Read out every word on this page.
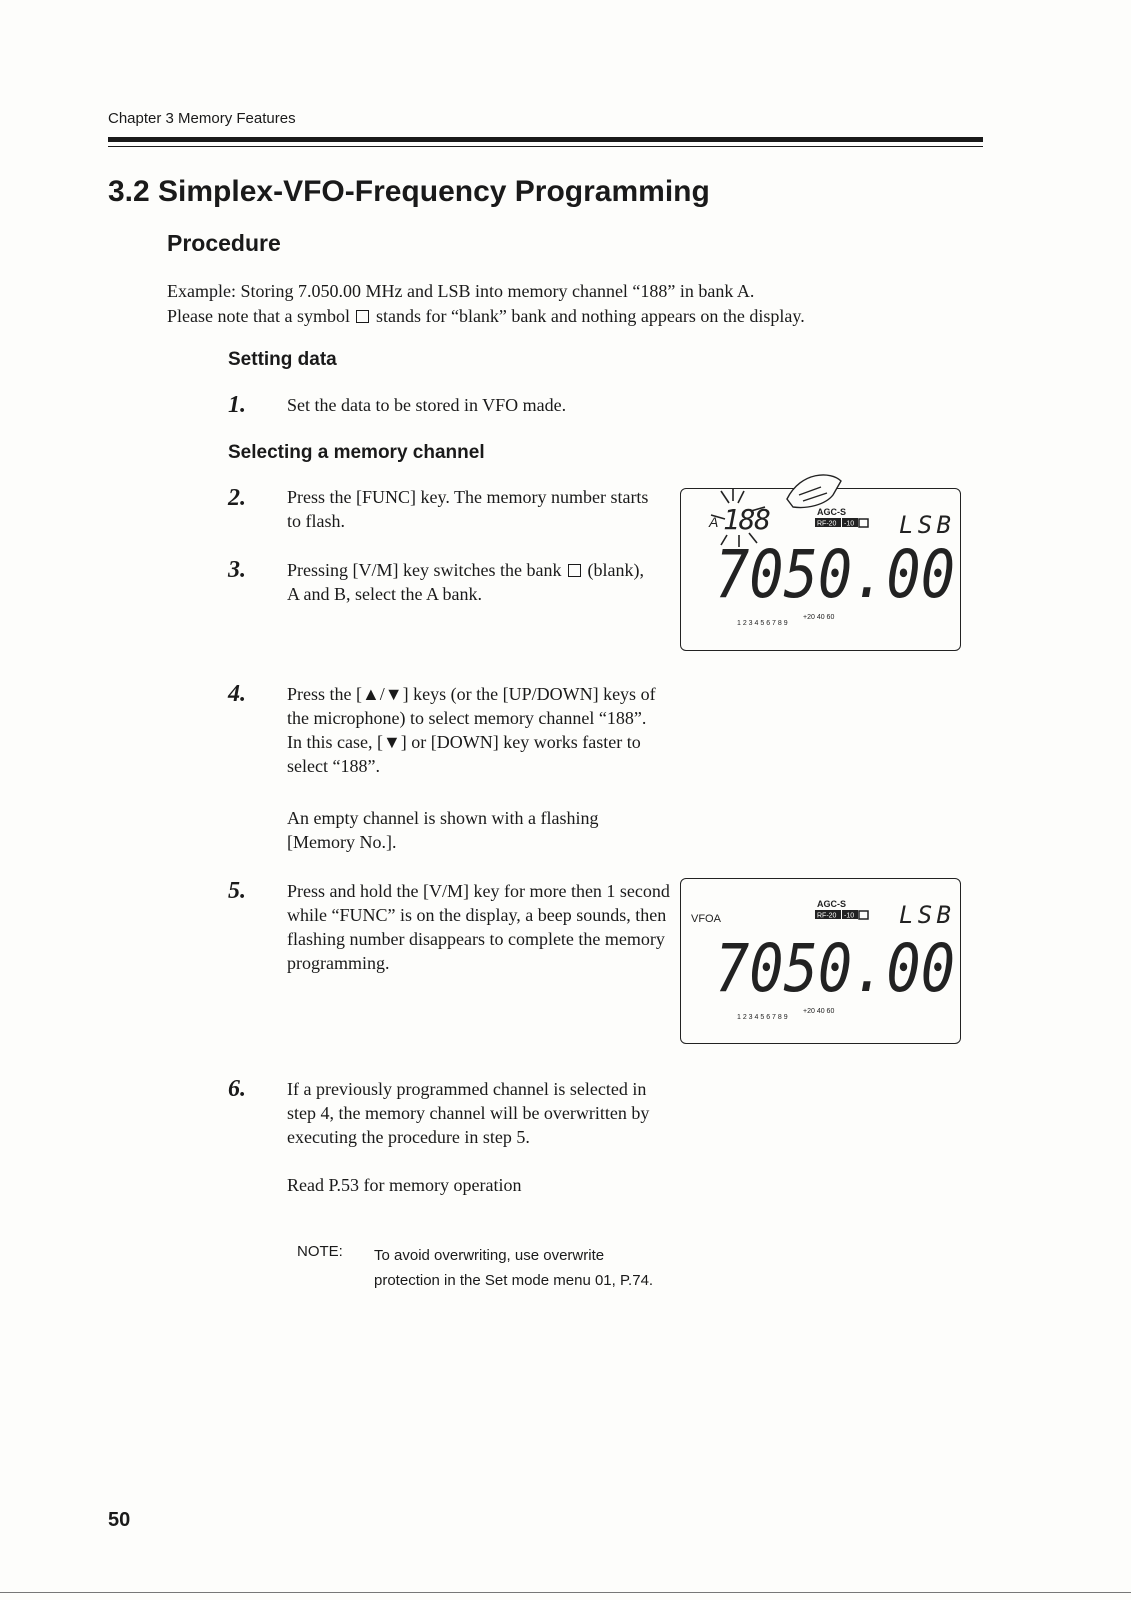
Chapter 3 Memory Features
3.2 Simplex-VFO-Frequency Programming
Procedure
Example: Storing 7.050.00 MHz and LSB into memory channel “188” in bank A.
Please note that a symbol stands for “blank” bank and nothing appears on the display.
Setting data
1. Set the data to be stored in VFO made.
Selecting a memory channel
2. Press the [FUNC] key. The memory number starts to flash.
3. Pressing [V/M] key switches the bank (blank), A and B, select the A bank.
4. Press the [▲/▼] keys (or the [UP/DOWN] keys of the microphone) to select memory channel “188”. In this case, [▼] or [DOWN] key works faster to select “188”.
An empty channel is shown with a flashing [Memory No.].
5. Press and hold the [V/M] key for more then 1 second while “FUNC” is on the display, a beep sounds, then flashing number disappears to complete the memory programming.
6. If a previously programmed channel is selected in step 4, the memory channel will be overwritten by executing the procedure in step 5.
Read P.53 for memory operation
NOTE: To avoid overwriting, use overwrite protection in the Set mode menu 01, P.74.
A 188	AGC-S
RF-20 -10 LSB
7050.00
1 2 3 4 5 6 7 8 9
+20 40 60
VFOA
AGC-S
RF-20 -10 LSB
7050.00
1 2 3 4 5 6 7 8 9
+20 40 60
50
